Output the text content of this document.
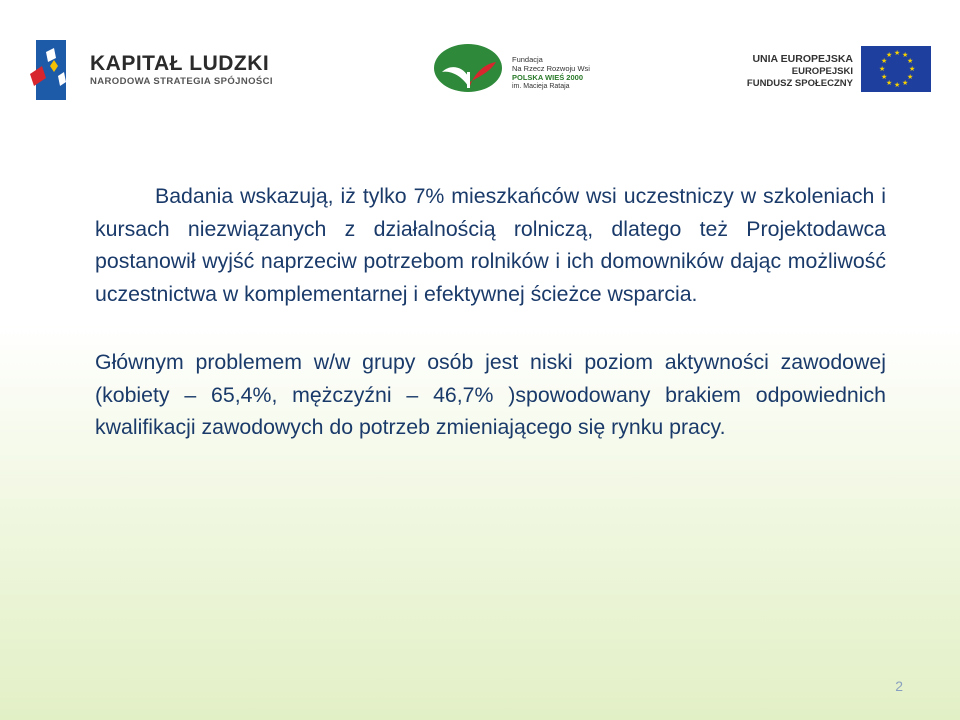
KAPITAŁ LUDZKI
NARODOWA STRATEGIA SPÓJNOŚCI
Fundacja
Na Rzecz Rozwoju Wsi
POLSKA WIEŚ 2000
im. Macieja Rataja
UNIA EUROPEJSKA
EUROPEJSKI
FUNDUSZ SPOŁECZNY
★ ★
★
★
★
★
★
★
★
★
★
★

Badania wskazują, iż tylko 7% mieszkańców wsi uczestniczy w szkoleniach i kursach niezwiązanych z działalnością rolniczą, dlatego też Projektodawca postanowił wyjść naprzeciw potrzebom rolników i ich domowników dając możliwość uczestnictwa w komplementarnej i efektywnej ścieżce wsparcia.

Głównym problemem w/w grupy osób jest niski poziom aktywności zawodowej (kobiety – 65,4%, mężczyźni – 46,7% )spowodowany brakiem odpowiednich kwalifikacji zawodowych do potrzeb zmieniającego się rynku pracy.

2
